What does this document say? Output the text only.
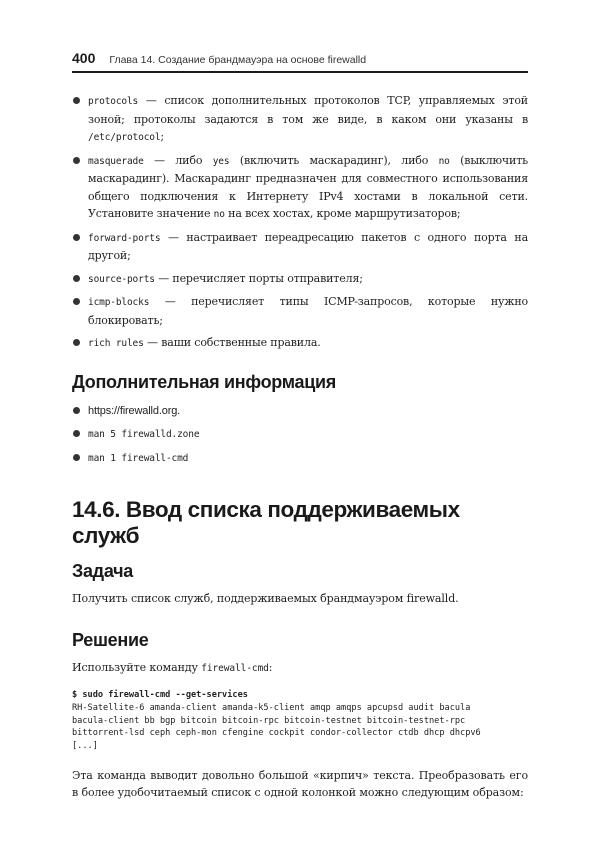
400 Глава 14. Создание брандмауэра на основе firewalld
protocols — список дополнительных протоколов TCP, управляемых этой зоной; протоколы задаются в том же виде, в каком они указаны в /etc/protocol;
masquerade — либо yes (включить маскарадинг), либо no (выключить маскарадинг). Маскарадинг предназначен для совместного использования общего подключения к Интернету IPv4 хостами в локальной сети. Установите значение no на всех хостах, кроме маршрутизаторов;
forward-ports — настраивает переадресацию пакетов с одного порта на другой;
source-ports — перечисляет порты отправителя;
icmp-blocks — перечисляет типы ICMP-запросов, которые нужно блокировать;
rich rules — ваши собственные правила.
Дополнительная информация
https://firewalld.org.
man 5 firewalld.zone
man 1 firewall-cmd
14.6. Ввод списка поддерживаемых служб
Задача

Получить список служб, поддерживаемых брандмауэром firewalld.

Решение

Используйте команду firewall-cmd:

$ sudo firewall-cmd --get-services
RH-Satellite-6 amanda-client amanda-k5-client amqp amqps apcupsd audit bacula
bacula-client bb bgp bitcoin bitcoin-rpc bitcoin-testnet bitcoin-testnet-rpc
bittorrent-lsd ceph ceph-mon cfengine cockpit condor-collector ctdb dhcp dhcpv6
[...]

Эта команда выводит довольно большой «кирпич» текста. Преобразовать его в более удобочитаемый список с одной колонкой можно следующим образом:
